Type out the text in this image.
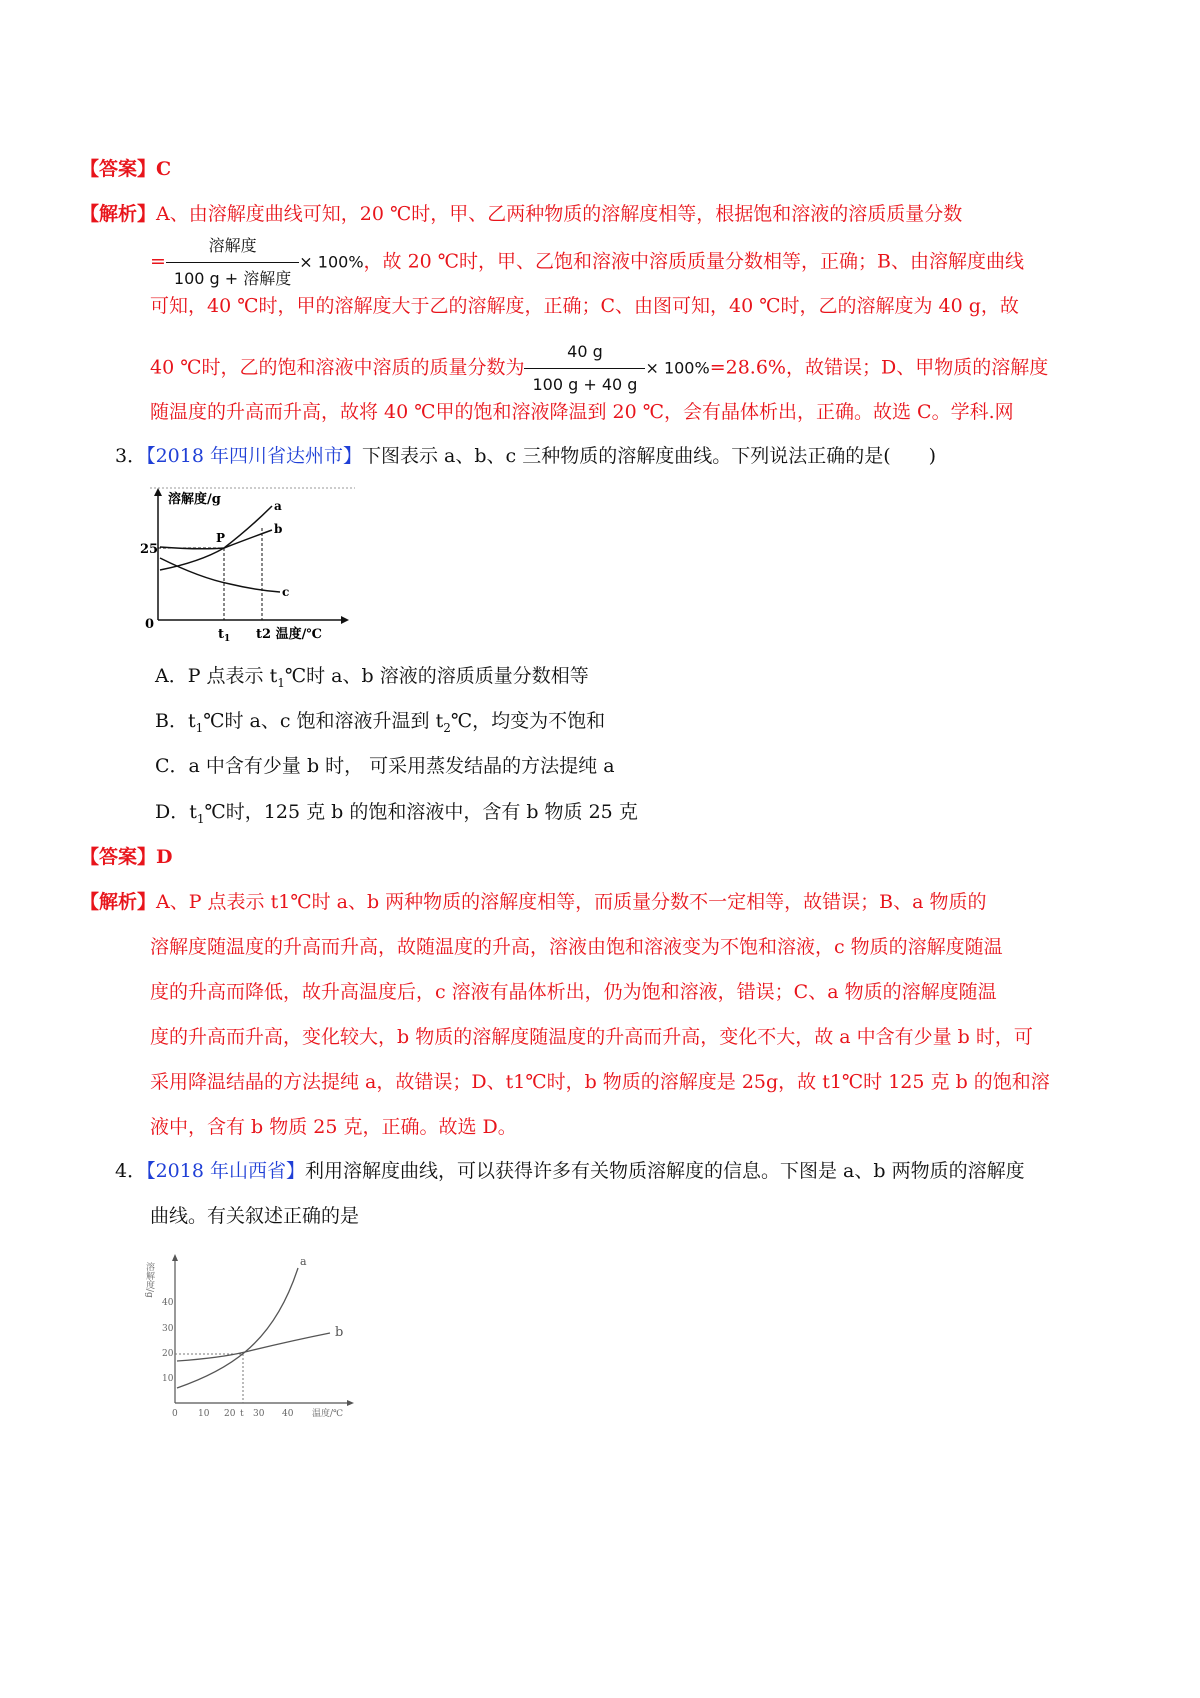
【答案】C
【解析】A、由溶解度曲线可知，20 ℃时，甲、乙两种物质的溶解度相等，根据饱和溶液的溶质质量分数
= $\frac{\text{溶解度}}{\text{100 g + 溶解度}} \times 100\%$，故 20 ℃时，甲、乙饱和溶液中溶质质量分数相等，正确；B、由溶解度曲线
可知，40 ℃时，甲的溶解度大于乙的溶解度，正确；C、由图可知，40 ℃时，乙的溶解度为 40 g，故
40 ℃时，乙的饱和溶液中溶质的质量分数为 $\frac{40 g}{100 g + 40 g} \times 100\%=28.6\%$，故错误；D、甲物质的溶解度
随温度的升高而升高，故将 40 ℃甲的饱和溶液降温到 20 ℃，会有晶体析出，正确。故选 C。学科.网
3．【2018 年四川省达州市】下图表示 a、b、c 三种物质的溶解度曲线。下列说法正确的是(　　)
溶解度/g
25
0
P
a
b
c
$t_1$ t2 温度/℃
A．P 点表示 $t_1℃$时 a、b 溶液的溶质质量分数相等
B．$t_1℃$时 a、c 饱和溶液升温到 $t_2℃$，均变为不饱和
C．a 中含有少量 b 时， 可采用蒸发结晶的方法提纯 a
D．$t_1℃$时，125 克 b 的饱和溶液中，含有 b 物质 25 克
【答案】D
【解析】A、P 点表示 t1℃时 a、b 两种物质的溶解度相等，而质量分数不一定相等，故错误；B、a 物质的
溶解度随温度的升高而升高，故随温度的升高，溶液由饱和溶液变为不饱和溶液，c 物质的溶解度随温
度的升高而降低，故升高温度后，c 溶液有晶体析出，仍为饱和溶液，错误；C、a 物质的溶解度随温
度的升高而升高，变化较大，b 物质的溶解度随温度的升高而升高，变化不大，故 a 中含有少量 b 时，可
采用降温结晶的方法提纯 a，故错误；D、t1℃时，b 物质的溶解度是 25g，故 t1℃时 125 克 b 的饱和溶
液中，含有 b 物质 25 克，正确。故选 D。
4．【2018 年山西省】利用溶解度曲线，可以获得许多有关物质溶解度的信息。下图是 a、b 两物质的溶解度
曲线。有关叙述正确的是
溶解度/g
40
30
20
10
0 10 20 t 30 40 温度/℃
a
b
